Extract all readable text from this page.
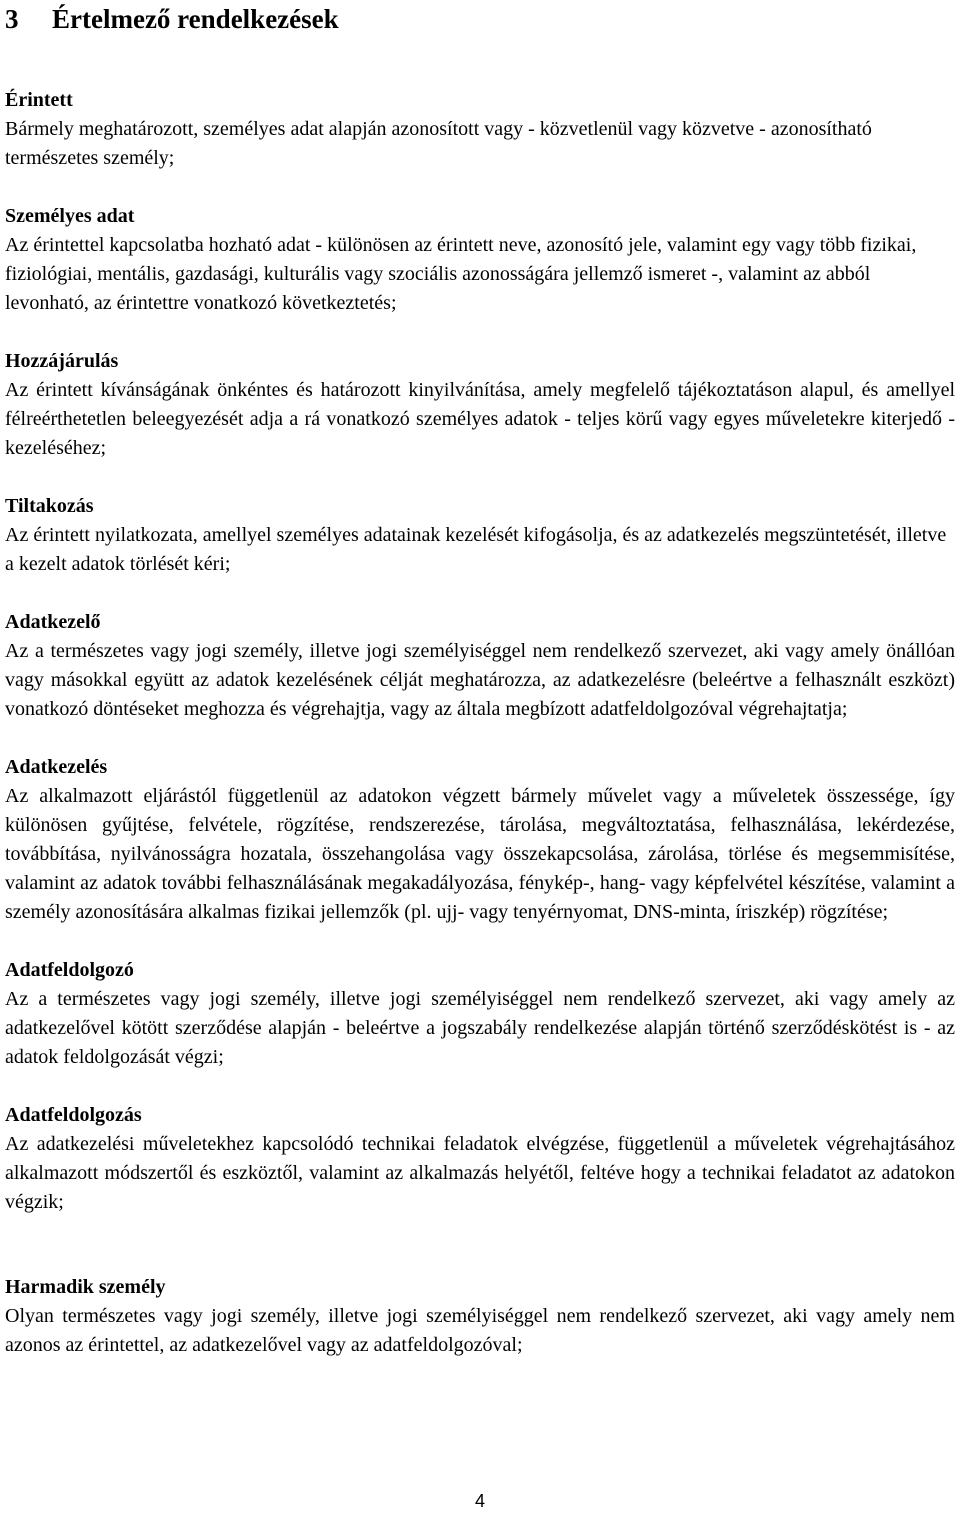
3 Értelmező rendelkezések

Érintett

Bármely meghatározott, személyes adat alapján azonosított vagy - közvetlenül vagy közvetve - azonosítható természetes személy;

Személyes adat

Az érintettel kapcsolatba hozható adat - különösen az érintett neve, azonosító jele, valamint egy vagy több fizikai, fiziológiai, mentális, gazdasági, kulturális vagy szociális azonosságára jellemző ismeret -, valamint az abból levonható, az érintettre vonatkozó következtetés;

Hozzájárulás

Az érintett kívánságának önkéntes és határozott kinyilvánítása, amely megfelelő tájékoztatáson alapul, és amellyel félreérthetetlen beleegyezését adja a rá vonatkozó személyes adatok - teljes körű vagy egyes műveletekre kiterjedő - kezeléséhez;

Tiltakozás

Az érintett nyilatkozata, amellyel személyes adatainak kezelését kifogásolja, és az adatkezelés megszüntetését, illetve a kezelt adatok törlését kéri;

Adatkezelő

Az a természetes vagy jogi személy, illetve jogi személyiséggel nem rendelkező szervezet, aki vagy amely önállóan vagy másokkal együtt az adatok kezelésének célját meghatározza, az adatkezelésre (beleértve a felhasznált eszközt) vonatkozó döntéseket meghozza és végrehajtja, vagy az általa megbízott adatfeldolgozóval végrehajtatja;

Adatkezelés

Az alkalmazott eljárástól függetlenül az adatokon végzett bármely művelet vagy a műveletek összessége, így különösen gyűjtése, felvétele, rögzítése, rendszerezése, tárolása, megváltoztatása, felhasználása, lekérdezése, továbbítása, nyilvánosságra hozatala, összehangolása vagy összekapcsolása, zárolása, törlése és megsemmisítése, valamint az adatok további felhasználásának megakadályozása, fénykép-, hang- vagy képfelvétel készítése, valamint a személy azonosítására alkalmas fizikai jellemzők (pl. ujj- vagy tenyérnyomat, DNS-minta, íriszkép) rögzítése;

Adatfeldolgozó

Az a természetes vagy jogi személy, illetve jogi személyiséggel nem rendelkező szervezet, aki vagy amely az adatkezelővel kötött szerződése alapján - beleértve a jogszabály rendelkezése alapján történő szerződéskötést is - az adatok feldolgozását végzi;

Adatfeldolgozás

Az adatkezelési műveletekhez kapcsolódó technikai feladatok elvégzése, függetlenül a műveletek végrehajtásához alkalmazott módszertől és eszköztől, valamint az alkalmazás helyétől, feltéve hogy a technikai feladatot az adatokon végzik;

Harmadik személy

Olyan természetes vagy jogi személy, illetve jogi személyiséggel nem rendelkező szervezet, aki vagy amely nem azonos az érintettel, az adatkezelővel vagy az adatfeldolgozóval;

4
